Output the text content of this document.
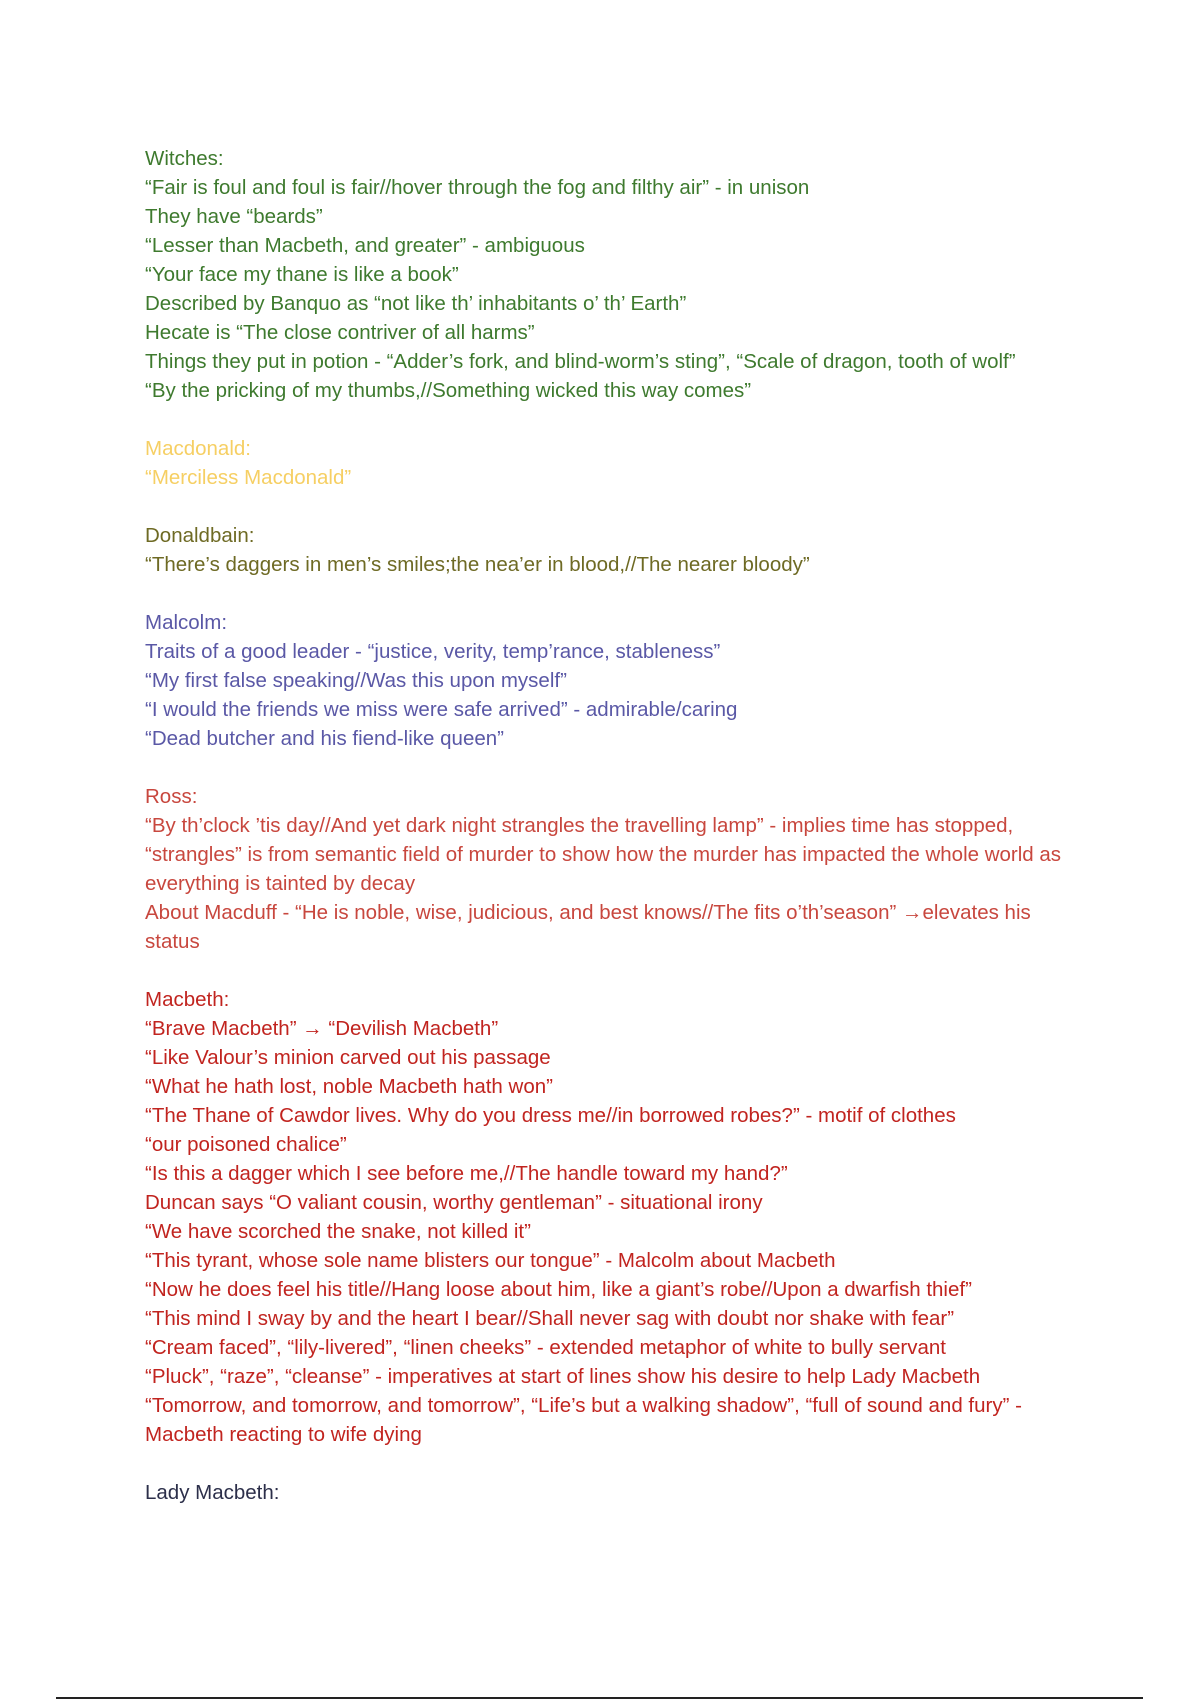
Witches:
“Fair is foul and foul is fair//hover through the fog and filthy air” - in unison
They have “beards”
“Lesser than Macbeth, and greater” - ambiguous
“Your face my thane is like a book”
Described by Banquo as “not like th’ inhabitants o’ th’ Earth”
Hecate is “The close contriver of all harms”
Things they put in potion - “Adder’s fork, and blind-worm’s sting”, “Scale of dragon, tooth of wolf”
“By the pricking of my thumbs,//Something wicked this way comes”
Macdonald:
“Merciless Macdonald”
Donaldbain:
“There’s daggers in men’s smiles;the nea’er in blood,//The nearer bloody”
Malcolm:
Traits of a good leader - “justice, verity, temp’rance, stableness”
“My first false speaking//Was this upon myself”
“I would the friends we miss were safe arrived” - admirable/caring
“Dead butcher and his fiend-like queen”
Ross:
“By th’clock ’tis day//And yet dark night strangles the travelling lamp” - implies time has stopped, “strangles” is from semantic field of murder to show how the murder has impacted the whole world as everything is tainted by decay
About Macduff - “He is noble, wise, judicious, and best knows//The fits o’th’season” →elevates his status
Macbeth:
“Brave Macbeth” → “Devilish Macbeth”
“Like Valour’s minion carved out his passage
“What he hath lost, noble Macbeth hath won”
“The Thane of Cawdor lives. Why do you dress me//in borrowed robes?” - motif of clothes
“our poisoned chalice”
“Is this a dagger which I see before me,//The handle toward my hand?”
Duncan says “O valiant cousin, worthy gentleman” - situational irony
“We have scorched the snake, not killed it”
“This tyrant, whose sole name blisters our tongue” - Malcolm about Macbeth
“Now he does feel his title//Hang loose about him, like a giant’s robe//Upon a dwarfish thief”
“This mind I sway by and the heart I bear//Shall never sag with doubt nor shake with fear”
“Cream faced”, “lily-livered”, “linen cheeks” - extended metaphor of white to bully servant
“Pluck”, “raze”, “cleanse” - imperatives at start of lines show his desire to help Lady Macbeth
“Tomorrow, and tomorrow, and tomorrow”, “Life’s but a walking shadow”, “full of sound and fury” - Macbeth reacting to wife dying
Lady Macbeth:
